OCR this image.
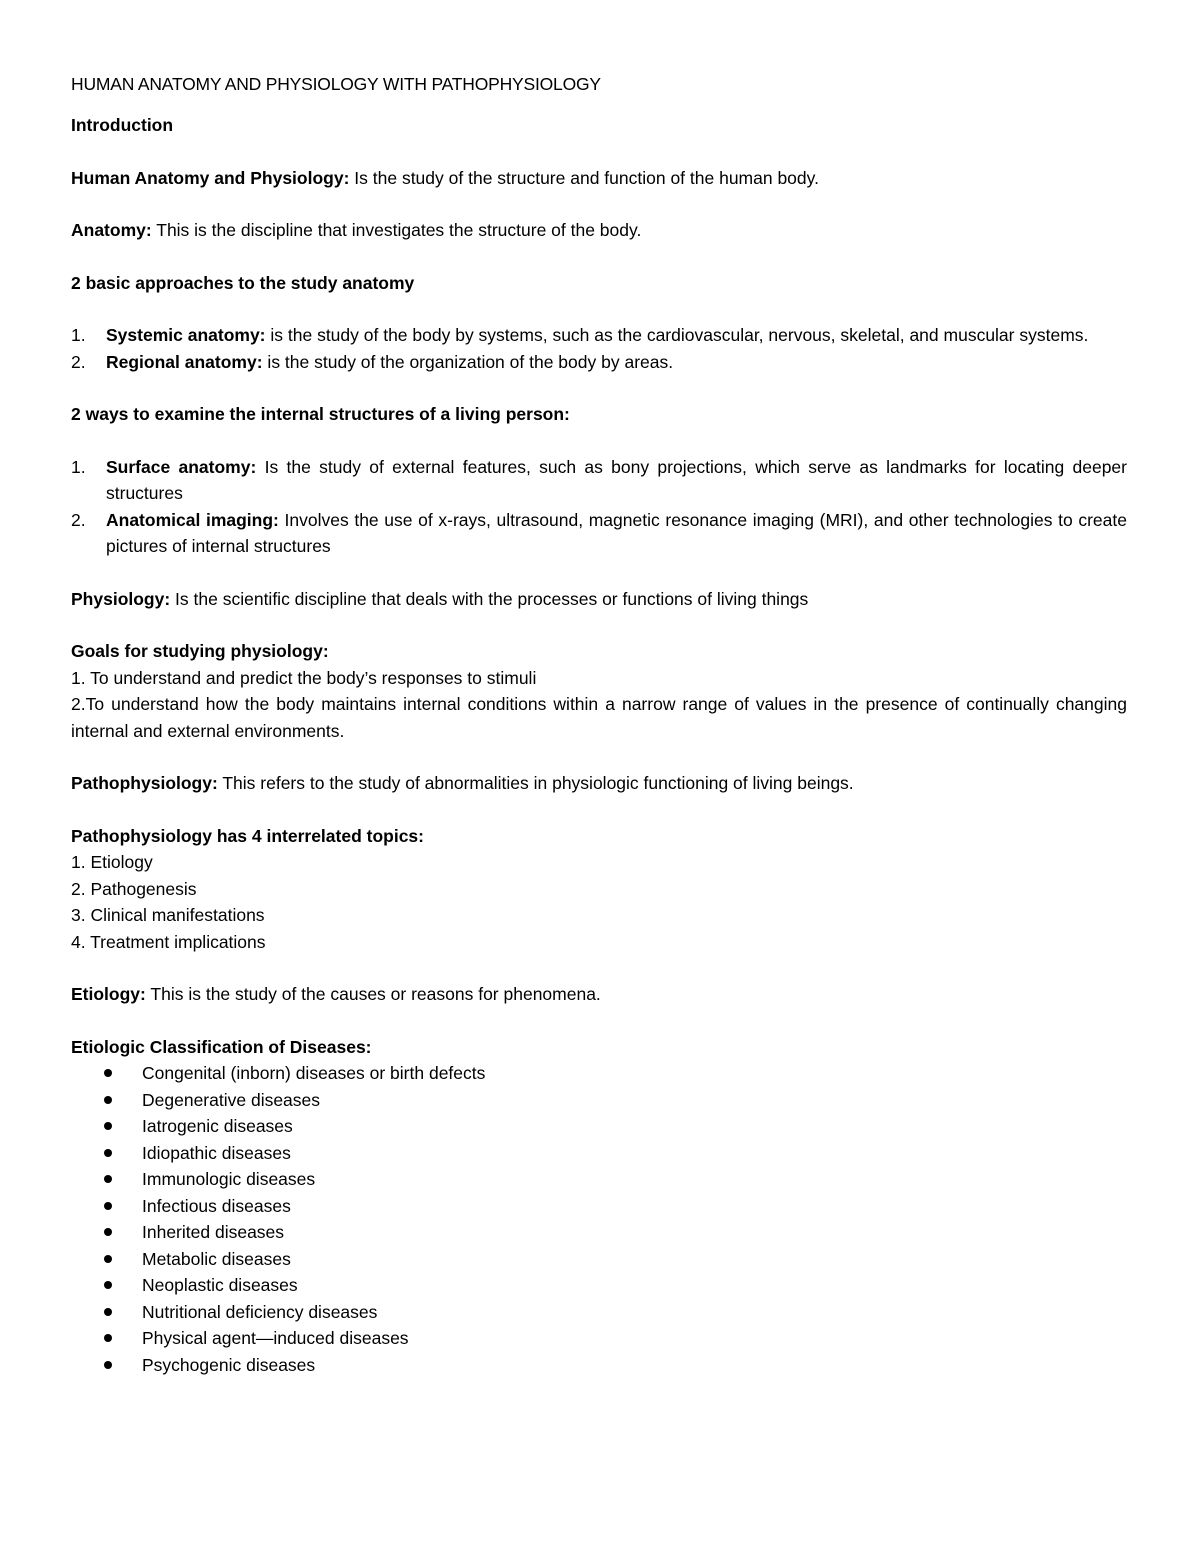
HUMAN ANATOMY AND PHYSIOLOGY WITH PATHOPHYSIOLOGY
Introduction

Human Anatomy and Physiology: Is the study of the structure and function of the human body.

Anatomy: This is the discipline that investigates the structure of the body.

2 basic approaches to the study anatomy
1. Systemic anatomy: is the study of the body by systems, such as the cardiovascular, nervous, skeletal, and muscular systems.
2. Regional anatomy: is the study of the organization of the body by areas.
2 ways to examine the internal structures of a living person:
1. Surface anatomy: Is the study of external features, such as bony projections, which serve as landmarks for locating deeper structures
2. Anatomical imaging: Involves the use of x-rays, ultrasound, magnetic resonance imaging (MRI), and other technologies to create pictures of internal structures

Physiology: Is the scientific discipline that deals with the processes or functions of living things

Goals for studying physiology:
1. To understand and predict the body’s responses to stimuli
2.To understand how the body maintains internal conditions within a narrow range of values in the presence of continually changing internal and external environments.

Pathophysiology: This refers to the study of abnormalities in physiologic functioning of living beings.

Pathophysiology has 4 interrelated topics:
1. Etiology
2. Pathogenesis
3. Clinical manifestations
4. Treatment implications

Etiology: This is the study of the causes or reasons for phenomena.

Etiologic Classification of Diseases:
Congenital (inborn) diseases or birth defects
Degenerative diseases
Iatrogenic diseases
Idiopathic diseases
Immunologic diseases
Infectious diseases
Inherited diseases
Metabolic diseases
Neoplastic diseases
Nutritional deficiency diseases
Physical agent—induced diseases
Psychogenic diseases
